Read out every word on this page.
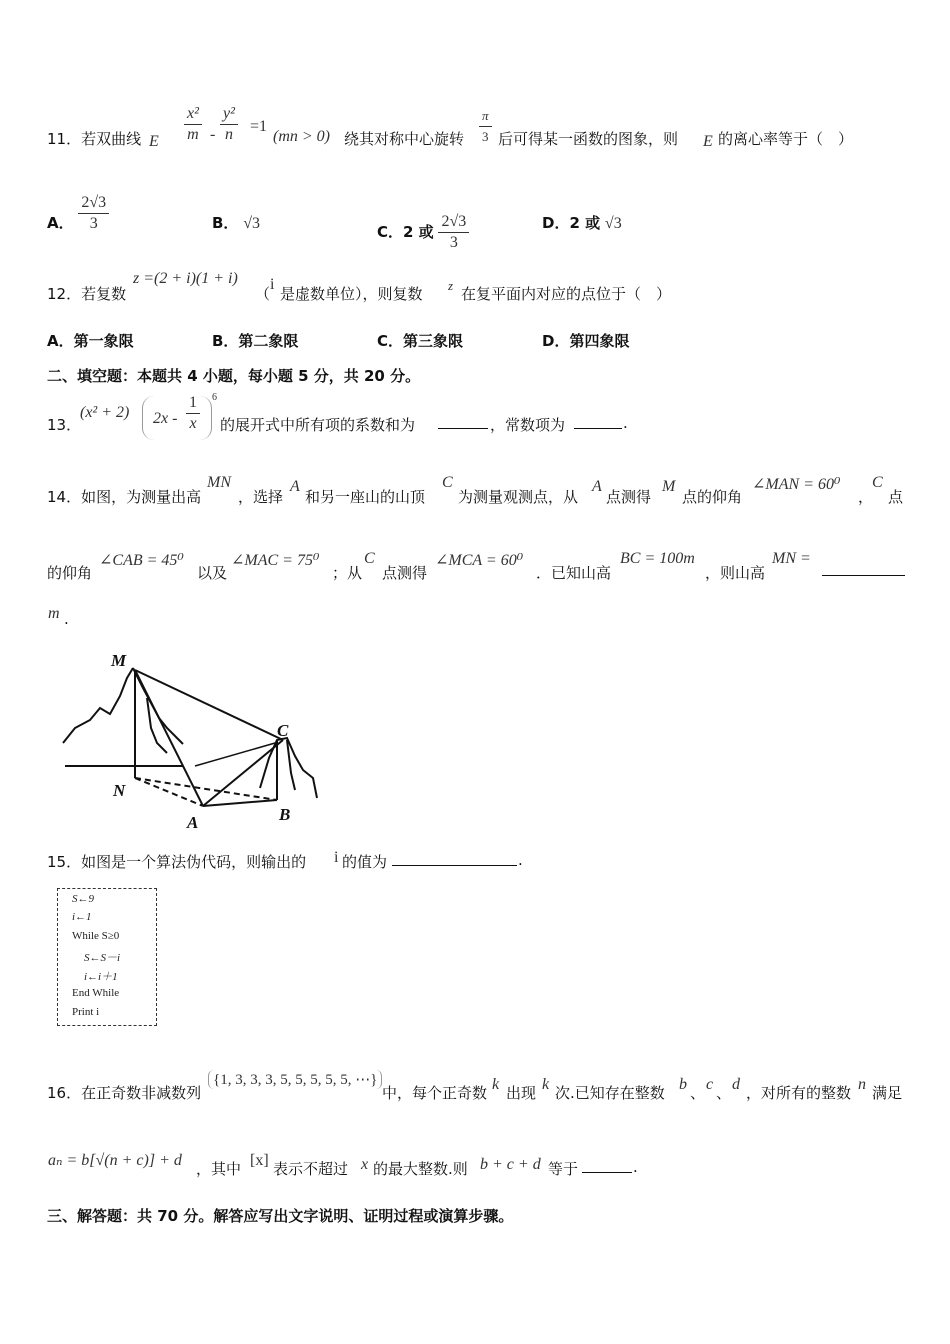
11．若双曲线 E $\frac{\text{x²}}{m} - \frac{\text{y²}}{n} =1$
(mn > 0) 绕其对称中心旋转 $\frac{\pi}{3}$ 后可得某一函数的图象，则 E 的离心率等于（　）
A． $\frac{2√3}{3}$	B． √3	C．2 或 $\frac{2√3}{3}$	D．2 或 √3
12．若复数
z =(2 + i)(1 + i)
（
i
是虚数单位），则复数 z 在复平面内对应的点位于（　）
A．第一象限	B．第二象限	C．第三象限	D．第四象限
二、填空题：本题共 4 小题，每小题 5 分，共 20 分。
13．
(x² + 2) $2x - \frac{1}{x} 6$
的展开式中所有项的系数和为	，常数项为	.
14．如图，为测量出高
MN
，选择
A
和另一座山的山顶
C
为测量观测点，从
A
点测得
M
点的仰角
∠MAN = 60⁰
，
C
点
的仰角
∠CAB = 45⁰
以及
∠MAC = 75⁰
；从
C
点测得
∠MCA = 60⁰
．已知山高
BC = 100m
，则山高
MN =
m .
M
N
A	B
C
15．如图是一个算法伪代码，则输出的 i 的值为	.
S←9
i←1
While S≥0
S←S－i
i←i＋1
End While
Print i
16．在正奇数非减数列
{1, 3, 3, 3, 5, 5, 5, 5, 5, ⋯}
中，每个正奇数 k 出现 k 次.已知存在整数 b 、 c 、 d ，对所有的整数 n 满足
aₙ = b[√(n + c)] + d ，其中 [x] 表示不超过 x 的最大整数.则 b + c + d 等于	.
三、解答题：共 70 分。解答应写出文字说明、证明过程或演算步骤。
